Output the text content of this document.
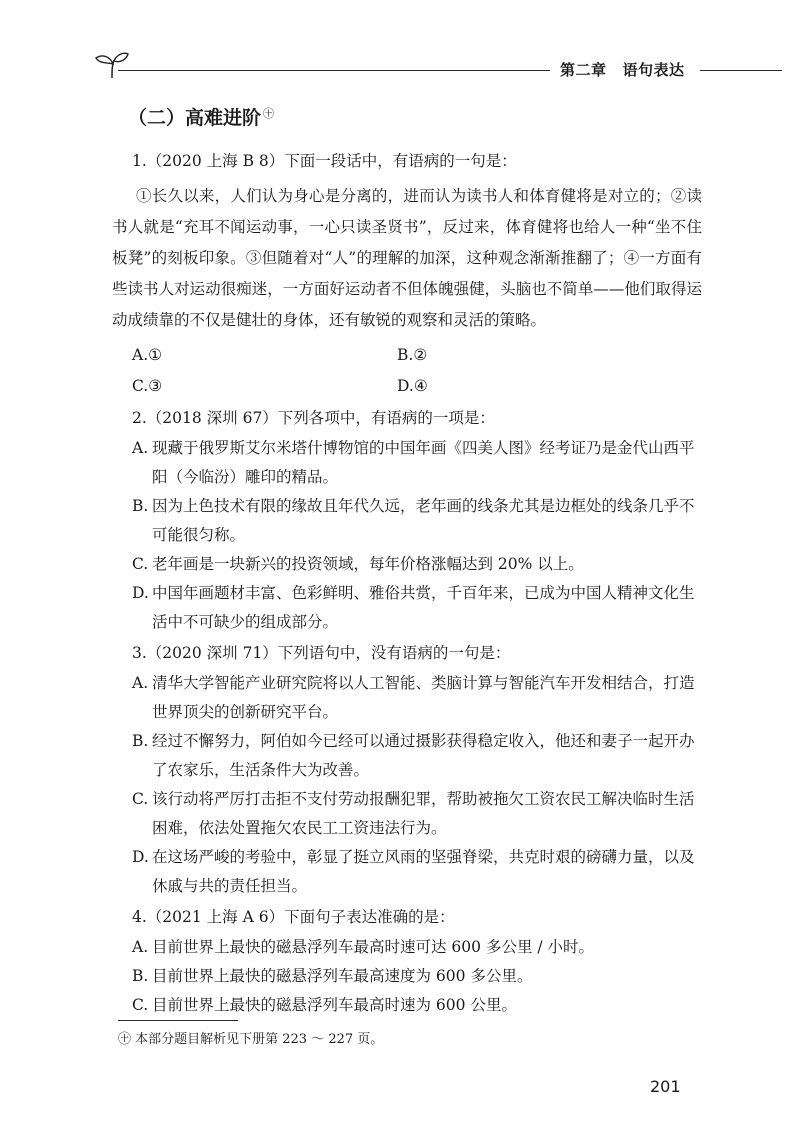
第二章 语句表达
（二）高难进阶 $^㊉$
1.（2020 上海 B 8）下面一段话中，有语病的一句是：
①长久以来，人们认为身心是分离的，进而认为读书人和体育健将是对立的；②读书人就是“充耳不闻运动事，一心只读圣贤书”，反过来，体育健将也给人一种“坐不住板凳”的刻板印象。③但随着对“人”的理解的加深，这种观念渐渐推翻了；④一方面有些读书人对运动很痴迷，一方面好运动者不但体魄强健，头脑也不简单——他们取得运动成绩靠的不仅是健壮的身体，还有敏锐的观察和灵活的策略。
A.①	B.②
C.③	D.④
2.（2018 深圳 67）下列各项中，有语病的一项是：
A. 现藏于俄罗斯艾尔米塔什博物馆的中国年画《四美人图》经考证乃是金代山西平阳（今临汾）雕印的精品。
B. 因为上色技术有限的缘故且年代久远，老年画的线条尤其是边框处的线条几乎不可能很匀称。
C. 老年画是一块新兴的投资领域，每年价格涨幅达到 20% 以上。
D. 中国年画题材丰富、色彩鲜明、雅俗共赏，千百年来，已成为中国人精神文化生活中不可缺少的组成部分。
3.（2020 深圳 71）下列语句中，没有语病的一句是：
A. 清华大学智能产业研究院将以人工智能、类脑计算与智能汽车开发相结合，打造世界顶尖的创新研究平台。
B. 经过不懈努力，阿伯如今已经可以通过摄影获得稳定收入，他还和妻子一起开办了农家乐，生活条件大为改善。
C. 该行动将严厉打击拒不支付劳动报酬犯罪，帮助被拖欠工资农民工解决临时生活困难，依法处置拖欠农民工工资违法行为。
D. 在这场严峻的考验中，彰显了挺立风雨的坚强脊梁，共克时艰的磅礴力量，以及休戚与共的责任担当。
4.（2021 上海 A 6）下面句子表达准确的是：
A. 目前世界上最快的磁悬浮列车最高时速可达 600 多公里 / 小时。
B. 目前世界上最快的磁悬浮列车最高速度为 600 多公里。
C. 目前世界上最快的磁悬浮列车最高时速为 600 公里。
㊉ 本部分题目解析见下册第 223 ～ 227 页。
201
